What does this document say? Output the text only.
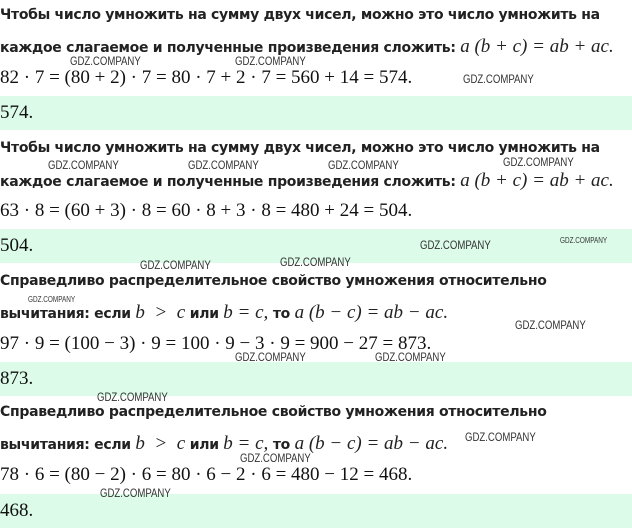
Чтобы число умножить на сумму двух чисел, можно это число умножить на
каждое слагаемое и полученные произведения сложить: a (b + c) = ab + ac.
82 · 7 = (80 + 2) · 7 = 80 · 7 + 2 · 7 = 560 + 14 = 574.
574.
Чтобы число умножить на сумму двух чисел, можно это число умножить на
каждое слагаемое и полученные произведения сложить: a (b + c) = ab + ac.
63 · 8 = (60 + 3) · 8 = 60 · 8 + 3 · 8 = 480 + 24 = 504.
504.
Справедливо распределительное свойство умножения относительно
вычитания: если b  >  c или b = c, то a (b − c) = ab − ac.
97 · 9 = (100 − 3) · 9 = 100 · 9 − 3 · 9 = 900 − 27 = 873.
873.
Справедливо распределительное свойство умножения относительно
вычитания: если b  >  c или b = c, то a (b − c) = ab − ac.
78 · 6 = (80 − 2) · 6 = 80 · 6 − 2 · 6 = 480 − 12 = 468.
468.
GDZ.COMPANY	GDZ.COMPANY
GDZ.COMPANY
GDZ.COMPANY	GDZ.COMPANY	GDZ.COMPANY	GDZ.COMPANY
GDZ.COMPANY	GDZ.COMPANY
GDZ.COMPANY	GDZ.COMPANY
GDZ.COMPANY
GDZ.COMPANY
GDZ.COMPANY	GDZ.COMPANY
GDZ.COMPANY
GDZ.COMPANY
GDZ.COMPANY
GDZ.COMPANY
